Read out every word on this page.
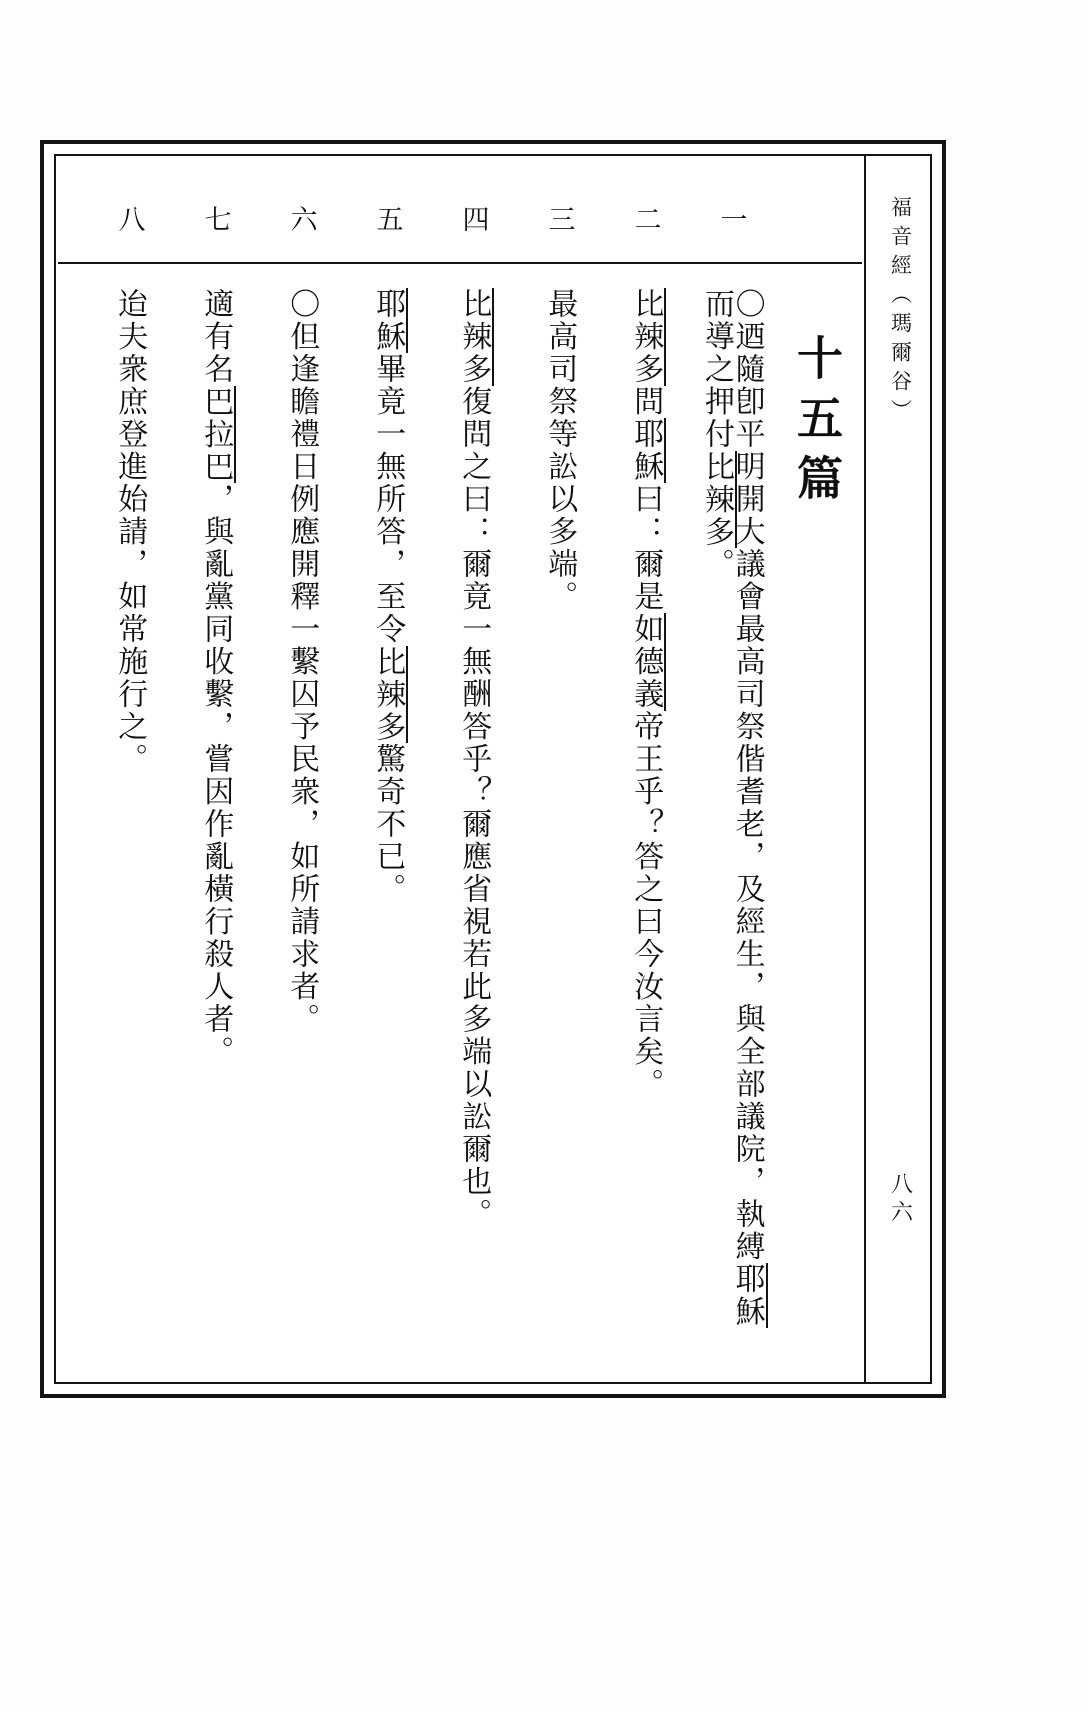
福音經（瑪爾谷）
八六
十五篇
一
〇迺隨卽平明開大議會最高司祭偕耆老，及經生，與全部議院，執縛耶穌而導之押付比辣多。
二
比辣多問耶穌曰：爾是如德義帝王乎？答之曰今汝言矣。
三
最高司祭等訟以多端。
四
比辣多復問之曰：爾竟一無酬答乎？爾應省視若此多端以訟爾也。
五
耶穌畢竟一無所答，至令比辣多驚奇不已。
六
〇但逢瞻禮日例應開釋一繫囚予民衆，如所請求者。
七
適有名巴拉巴，與亂黨同收繫，嘗因作亂橫行殺人者。
八
迨夫衆庶登進始請，如常施行之。
